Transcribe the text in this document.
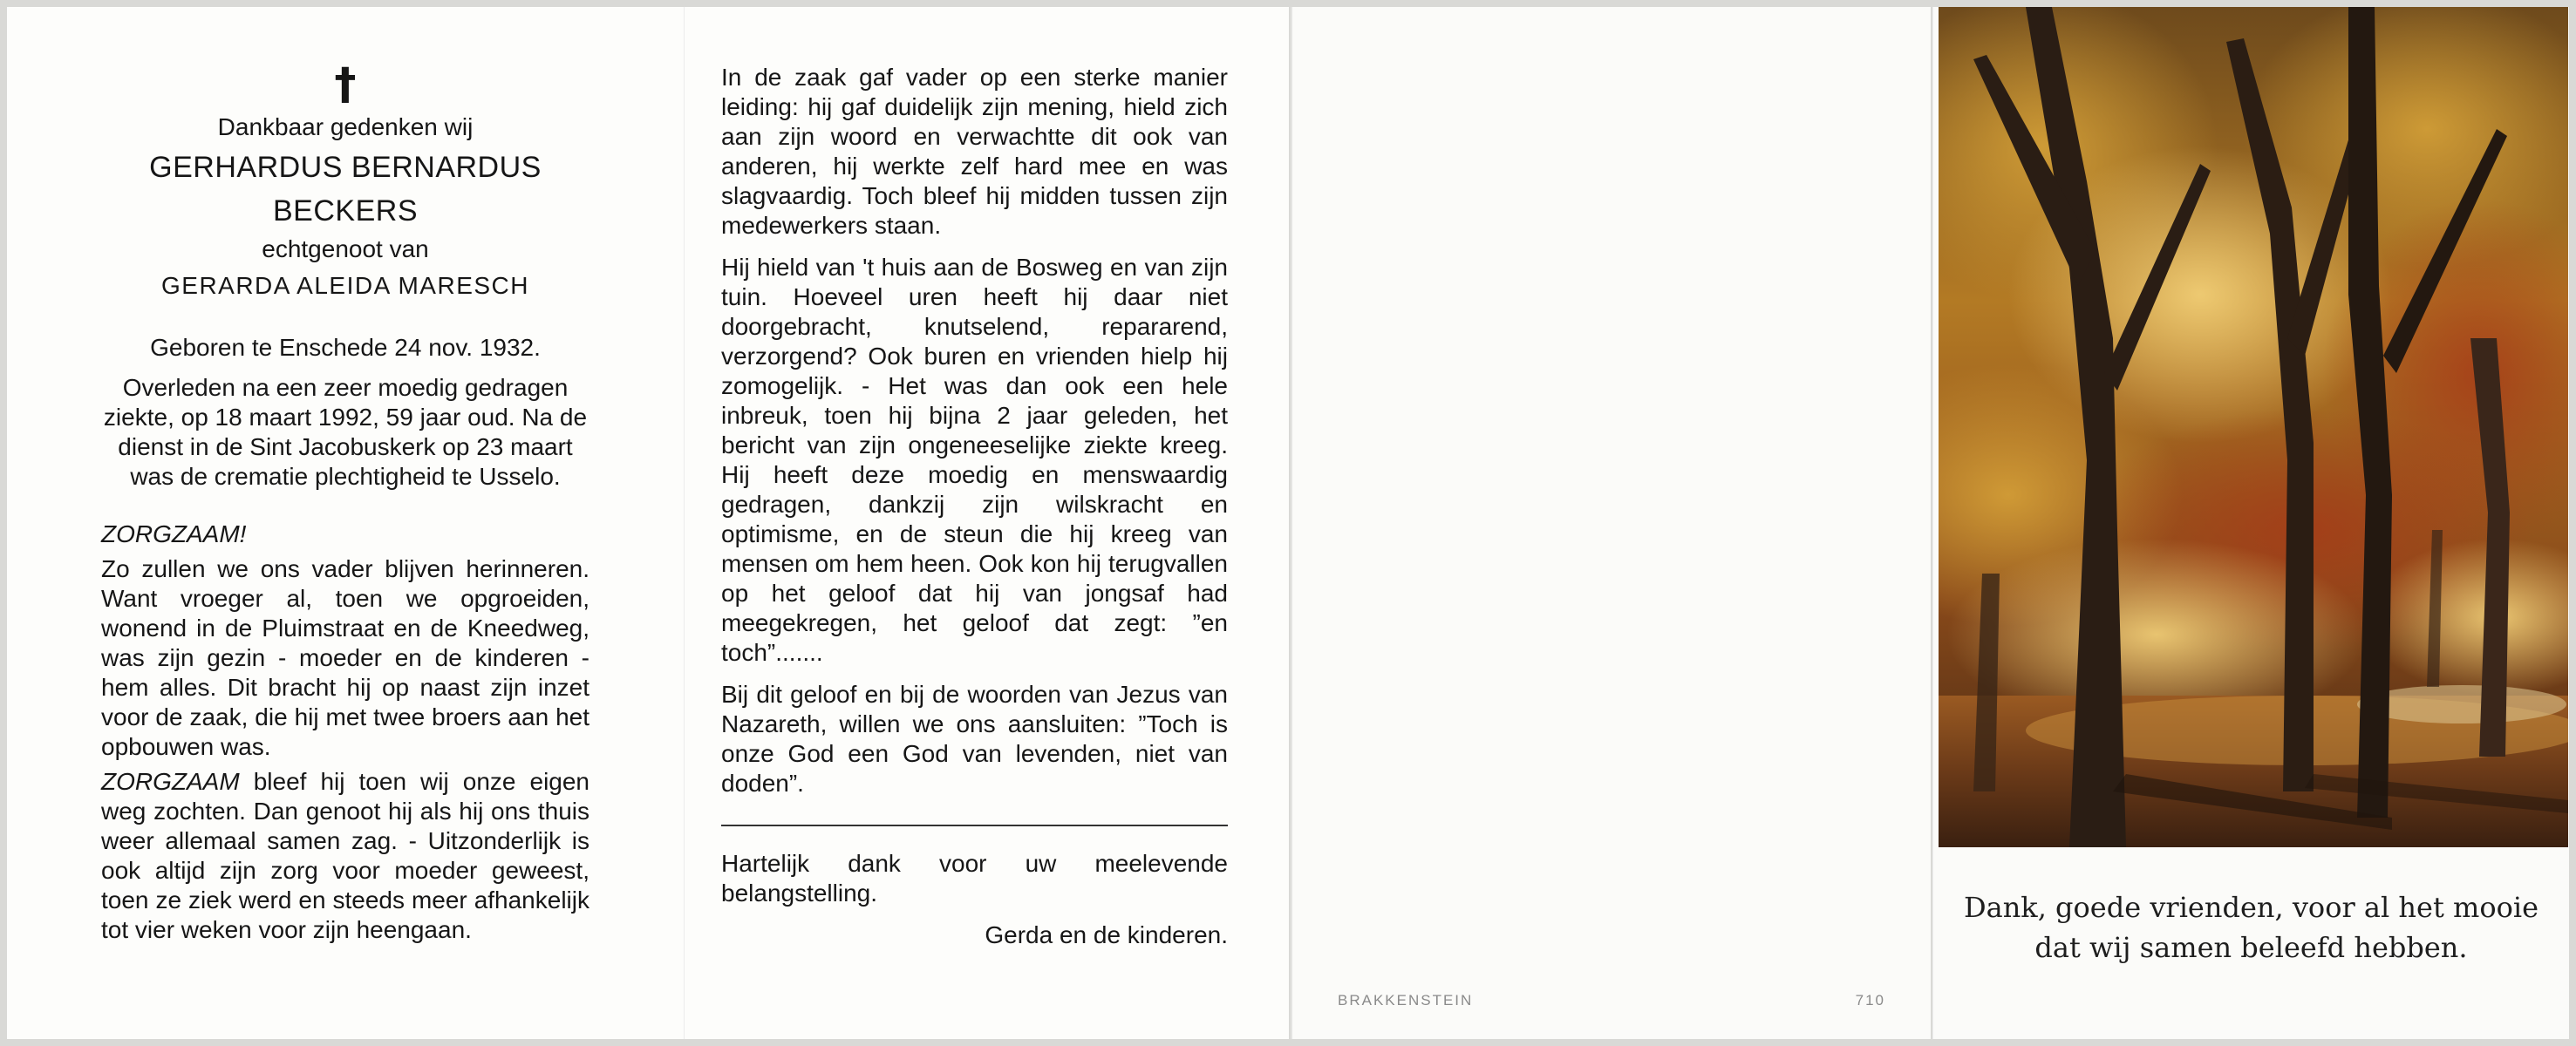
†
Dankbaar gedenken wij
GERHARDUS BERNARDUS
BECKERS
echtgenoot van
GERARDA ALEIDA MARESCH

Geboren te Enschede 24 nov. 1932.

Overleden na een zeer moedig gedragen ziekte, op 18 maart 1992, 59 jaar oud. Na de dienst in de Sint Jacobuskerk op 23 maart was de crematie plechtigheid te Usselo.

ZORGZAAM!

Zo zullen we ons vader blijven herinneren. Want vroeger al, toen we opgroeiden, wonend in de Pluimstraat en de Kneedweg, was zijn gezin - moeder en de kinderen - hem alles. Dit bracht hij op naast zijn inzet voor de zaak, die hij met twee broers aan het opbouwen was.

ZORGZAAM bleef hij toen wij onze eigen weg zochten. Dan genoot hij als hij ons thuis weer allemaal samen zag. - Uitzonderlijk is ook altijd zijn zorg voor moeder geweest, toen ze ziek werd en steeds meer afhankelijk tot vier weken voor zijn heengaan.

In de zaak gaf vader op een sterke manier leiding: hij gaf duidelijk zijn mening, hield zich aan zijn woord en verwachtte dit ook van anderen, hij werkte zelf hard mee en was slagvaardig. Toch bleef hij midden tussen zijn medewerkers staan.

Hij hield van 't huis aan de Bosweg en van zijn tuin. Hoeveel uren heeft hij daar niet doorgebracht, knutselend, repararend, verzorgend? Ook buren en vrienden hielp hij zomogelijk. - Het was dan ook een hele inbreuk, toen hij bijna 2 jaar geleden, het bericht van zijn ongeneeselijke ziekte kreeg. Hij heeft deze moedig en menswaardig gedragen, dankzij zijn wilskracht en optimisme, en de steun die hij kreeg van mensen om hem heen. Ook kon hij terugvallen op het geloof dat hij van jongsaf had meegekregen, het geloof dat zegt: ”en toch”.......

Bij dit geloof en bij de woorden van Jezus van Nazareth, willen we ons aansluiten: ”Toch is onze God een God van levenden, niet van doden”.

Hartelijk dank voor uw meelevende belangstelling.

Gerda en de kinderen.

BRAKKENSTEIN	710
Dank, goede vrienden, voor al het mooie
dat wij samen beleefd hebben.
